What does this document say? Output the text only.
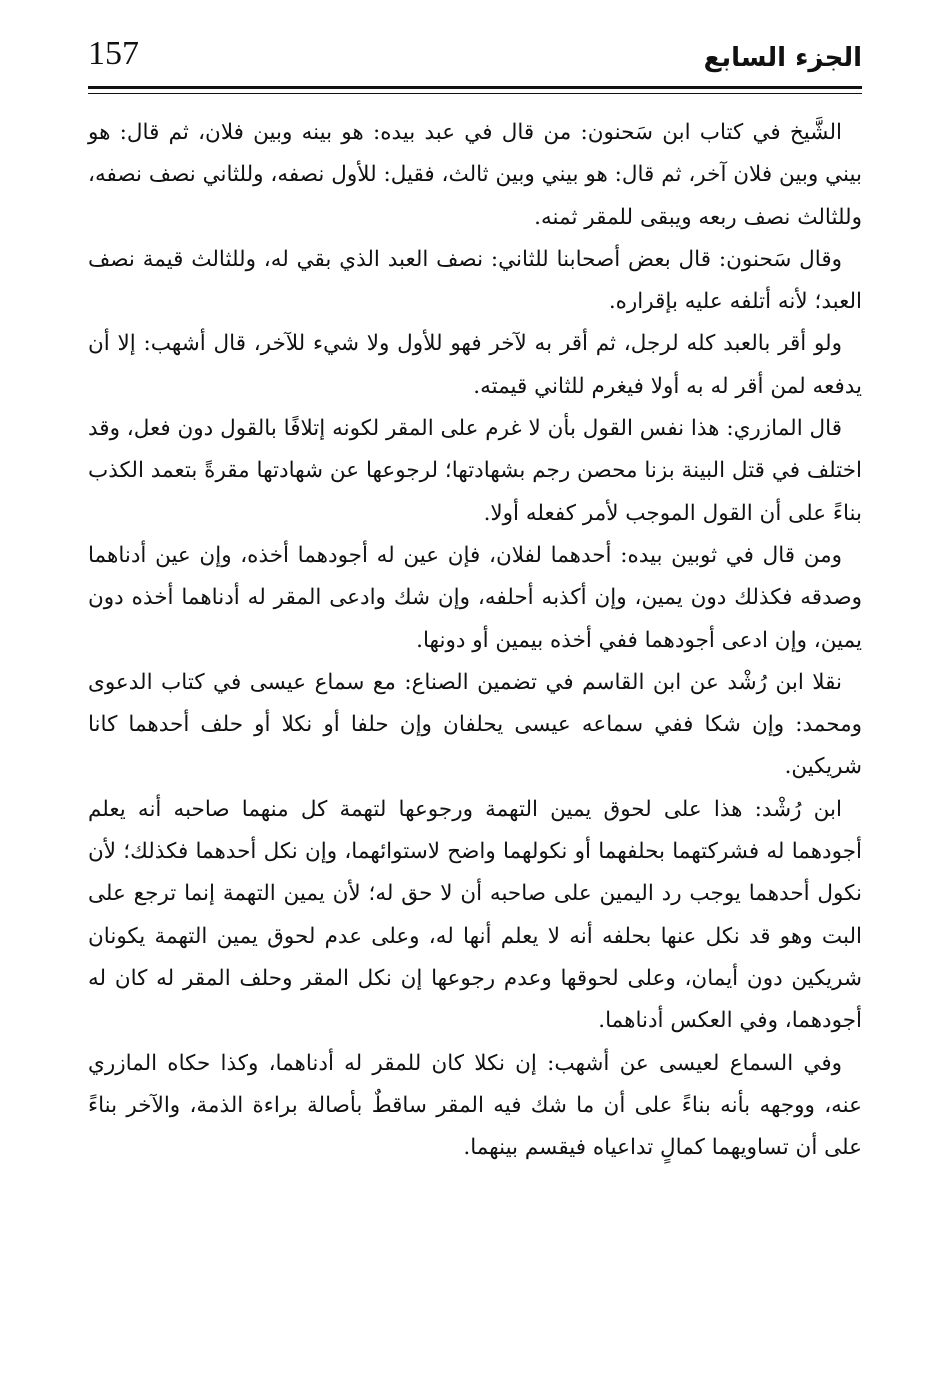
157	الجزء السابع

الشَّيخ في كتاب ابن سَحنون: من قال في عبد بيده: هو بينه وبين فلان، ثم قال: هو بيني وبين فلان آخر، ثم قال: هو بيني وبين ثالث، فقيل: للأول نصفه، وللثاني نصف نصفه، وللثالث نصف ربعه ويبقى للمقر ثمنه.

وقال سَحنون: قال بعض أصحابنا للثاني: نصف العبد الذي بقي له، وللثالث قيمة نصف العبد؛ لأنه أتلفه عليه بإقراره.

ولو أقر بالعبد كله لرجل، ثم أقر به لآخر فهو للأول ولا شيء للآخر، قال أشهب: إلا أن يدفعه لمن أقر له به أولا فيغرم للثاني قيمته.

قال المازري: هذا نفس القول بأن لا غرم على المقر لكونه إتلافًا بالقول دون فعل، وقد اختلف في قتل البينة بزنا محصن رجم بشهادتها؛ لرجوعها عن شهادتها مقرةً بتعمد الكذب بناءً على أن القول الموجب لأمر كفعله أولا.

ومن قال في ثوبين بيده: أحدهما لفلان، فإن عين له أجودهما أخذه، وإن عين أدناهما وصدقه فكذلك دون يمين، وإن أكذبه أحلفه، وإن شك وادعى المقر له أدناهما أخذه دون يمين، وإن ادعى أجودهما ففي أخذه بيمين أو دونها.

نقلا ابن رُشْد عن ابن القاسم في تضمين الصناع: مع سماع عيسى في كتاب الدعوى ومحمد: وإن شكا ففي سماعه عيسى يحلفان وإن حلفا أو نكلا أو حلف أحدهما كانا شريكين.

ابن رُشْد: هذا على لحوق يمين التهمة ورجوعها لتهمة كل منهما صاحبه أنه يعلم أجودهما له فشركتهما بحلفهما أو نكولهما واضح لاستوائهما، وإن نكل أحدهما فكذلك؛ لأن نكول أحدهما يوجب رد اليمين على صاحبه أن لا حق له؛ لأن يمين التهمة إنما ترجع على البت وهو قد نكل عنها بحلفه أنه لا يعلم أنها له، وعلى عدم لحوق يمين التهمة يكونان شريكين دون أيمان، وعلى لحوقها وعدم رجوعها إن نكل المقر وحلف المقر له كان له أجودهما، وفي العكس أدناهما.

وفي السماع لعيسى عن أشهب: إن نكلا كان للمقر له أدناهما، وكذا حكاه المازري عنه، ووجهه بأنه بناءً على أن ما شك فيه المقر ساقطٌ بأصالة براءة الذمة، والآخر بناءً على أن تساويهما كمالٍ تداعياه فيقسم بينهما.
